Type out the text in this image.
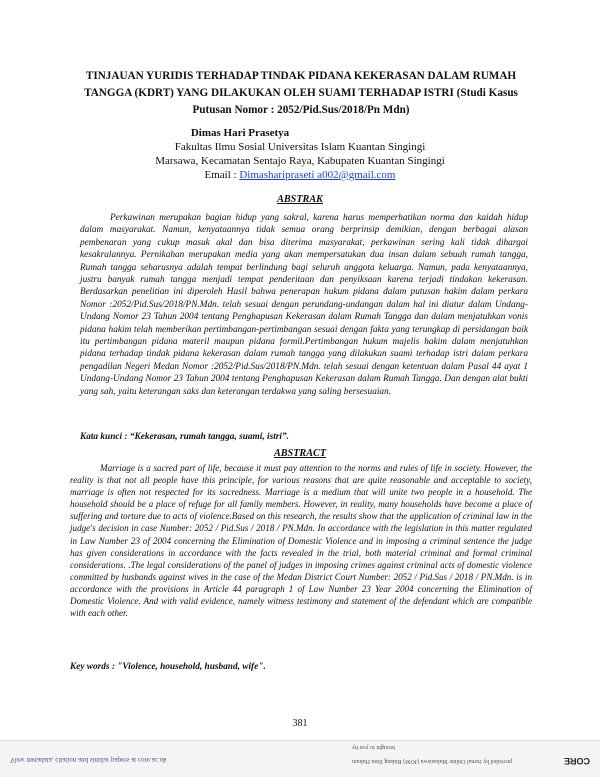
TINJAUAN YURIDIS TERHADAP TINDAK PIDANA KEKERASAN DALAM RUMAH TANGGA (KDRT) YANG DILAKUKAN OLEH SUAMI TERHADAP ISTRI (Studi Kasus Putusan Nomor : 2052/Pid.Sus/2018/Pn Mdn)
Dimas Hari Prasetya
Fakultas Ilmu Sosial Universitas Islam Kuantan Singingi
Marsawa, Kecamatan Sentajo Raya, Kabupaten Kuantan Singingi
Email : Dimasharipraseti a002@gmail.com
ABSTRAK

Perkawinan merupakan bagian hidup yang sakral, karena harus memperhatikan norma dan kaidah hidup dalam masyarakat. Namun, kenyataannya tidak semua orang berprinsip demikian, dengan berbagai alasan pembenaran yang cukup masuk akal dan bisa diterima masyarakat, perkawinan sering kali tidak dihargai kesakralannya. Pernikahan merupakan media yang akan mempersatukan dua insan dalam sebuah rumah tangga, Rumah tangga seharusnya adalah tempat berlindung bagi seluruh anggota keluarga. Namun, pada kenyataannya, justru banyak rumah tangga menjadi tempat penderitaan dan penyiksaan karena terjadi tindakan kekerasan. Berdasarkan penelitian ini diperoleh Hasil bahwa penerapan hukum pidana dalam putusan hakim dalam perkara Nomor :2052/Pid.Sus/2018/PN.Mdn. telah sesuai dengan perundang-undangan dalam hal ini diatur dalam Undang-Undang Nomor 23 Tahun 2004 tentang Penghapusan Kekerasan dalam Rumah Tangga dan dalam menjatuhkan vonis pidana hakim telah memberikan pertimbangan-pertimbangan sesuai dengan fakta yang terungkap di persidangan baik itu pertimbangan pidana materil maupun pidana formil.Pertimbangan hukum majelis hakim dalam menjatuhkan pidana terhadap tindak pidana kekerasan dalam rumah tangga yang dilakukan suami terhadap istri dalam perkara pengadilan Negeri Medan Nomor :2052/Pid.Sus/2018/PN.Mdn. telah sesuai dengan ketentuan dalam Pasal 44 ayat 1 Undang-Undang Nomor 23 Tahun 2004 tentang Penghapusan Kekerasan dalam Rumah Tangga. Dan dengan alat bukti yang sah, yaitu keterangan saks dan keterangan terdakwa yang saling bersesuaian.

Kata kunci : “Kekerasan, rumah tangga, suami, istri”.

ABSTRACT

Marriage is a sacred part of life, because it must pay attention to the norms and rules of life in society. However, the reality is that not all people have this principle, for various reasons that are quite reasonable and acceptable to society, marriage is often not respected for its sacredness. Marriage is a medium that will unite two people in a household. The household should be a place of refuge for all family members. However, in reality, many households have become a place of suffering and torture due to acts of violence.Based on this research, the results show that the application of criminal law in the judge's decision in case Number: 2052 / Pid.Sus / 2018 / PN.Mdn. In accordance with the legislation in this matter regulated in Law Number 23 of 2004 concerning the Elimination of Domestic Violence and in imposing a criminal sentence the judge has given considerations in accordance with the facts revealed in the trial, both material criminal and formal criminal considerations. .The legal considerations of the panel of judges in imposing crimes against criminal acts of domestic violence committed by husbands against wives in the case of the Medan District Court Number: 2052 / Pid.Sus / 2018 / PN.Mdn. is in accordance with the provisions in Article 44 paragraph 1 of Law Number 23 Year 2004 concerning the Elimination of Domestic Violence. And with valid evidence, namely witness testimony and statement of the defendant which are compatible with each other.

Key words : "Violence, household, husband, wife".

381
View metadata, citation and similar papers at core.ac.uk
brought to you by
provided by Jurnal Online Mahasiswa (JOM) Bidang Ilmu Hukum	CORE
